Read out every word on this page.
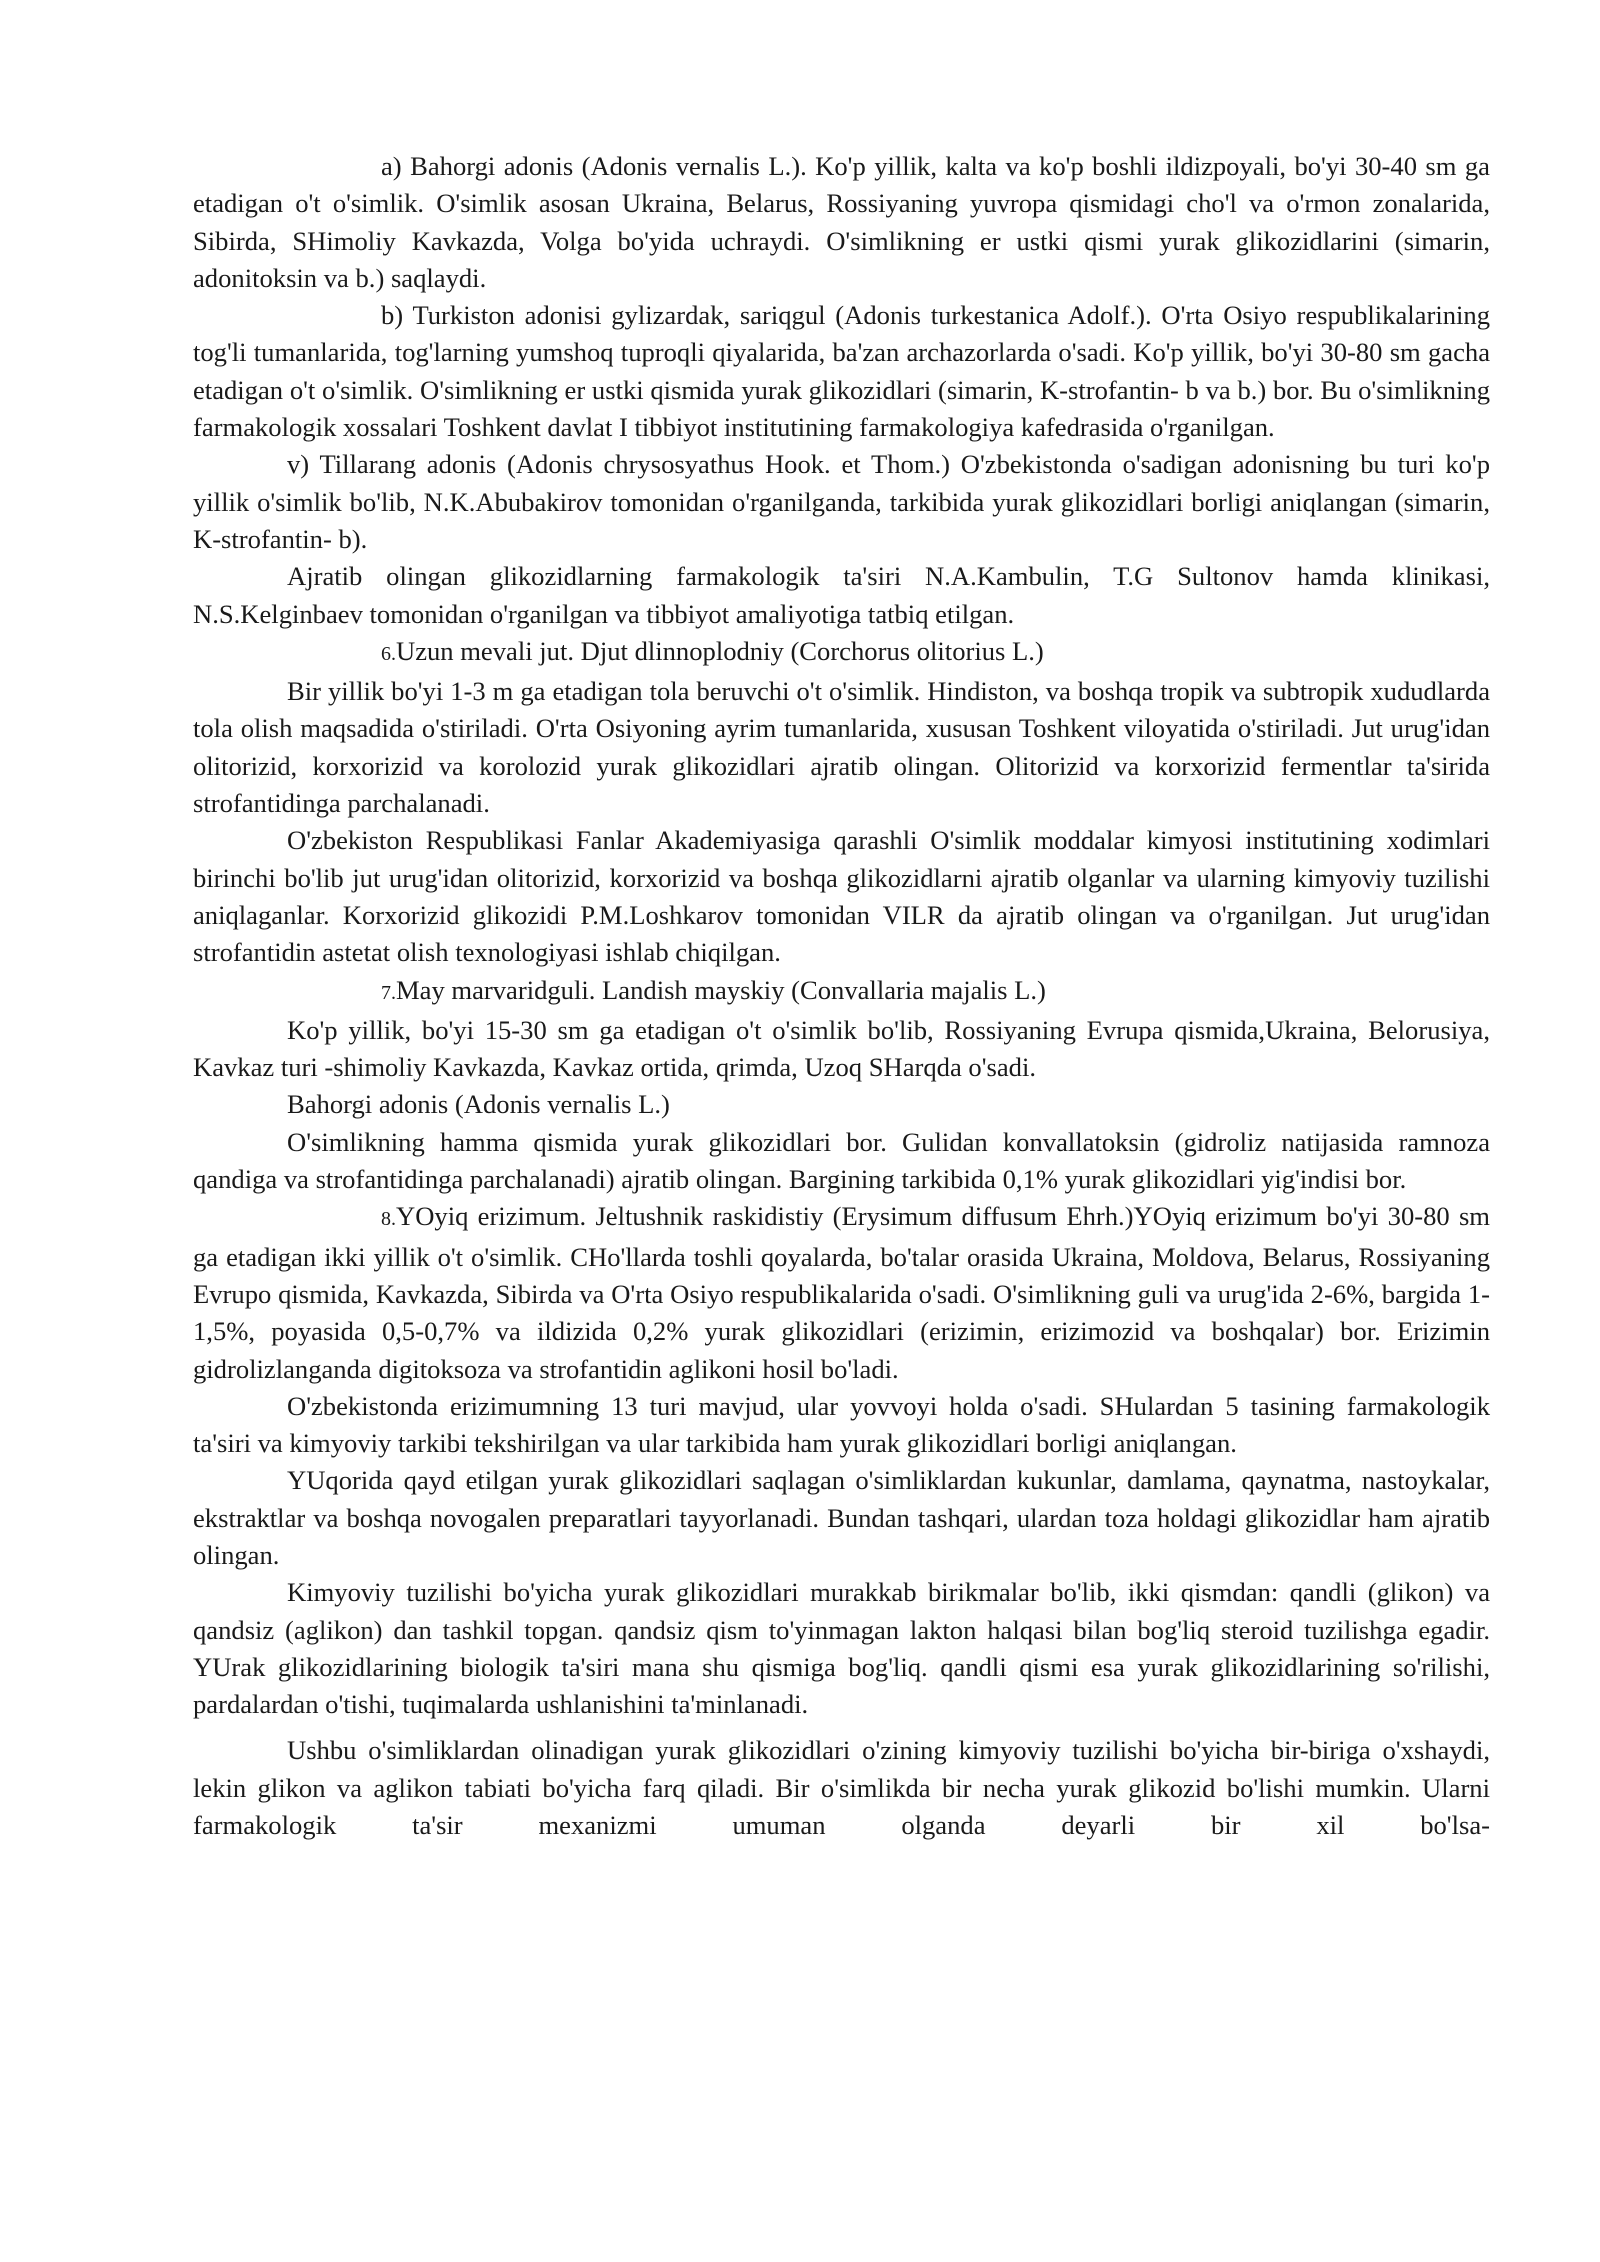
a) Bahorgi adonis (Adonis vernalis L.). Ko'p yillik, kalta va ko'p boshli ildizpoyali, bo'yi 30-40 sm ga etadigan o't o'simlik. O'simlik asosan Ukraina, Belarus, Rossiyaning yuvropa qismidagi cho'l va o'rmon zonalarida, Sibirda, SHimoliy Kavkazda, Volga bo'yida uchraydi. O'simlikning er ustki qismi yurak glikozidlarini (simarin, adonitoksin va b.) saqlaydi.

b) Turkiston adonisi gylizardak, sariqgul (Adonis turkestanica Adolf.). O'rta Osiyo respublikalarining tog'li tumanlarida, tog'larning yumshoq tuproqli qiyalarida, ba'zan archazorlarda o'sadi. Ko'p yillik, bo'yi 30-80 sm gacha etadigan o't o'simlik. O'simlikning er ustki qismida yurak glikozidlari (simarin, K-strofantin- b va b.) bor. Bu o'simlikning farmakologik xossalari Toshkent davlat I tibbiyot institutining farmakologiya kafedrasida o'rganilgan.

v) Tillarang adonis (Adonis chrysosyathus Hook. et Thom.) O'zbekistonda o'sadigan adonisning bu turi ko'p yillik o'simlik bo'lib, N.K.Abubakirov tomonidan o'rganilganda, tarkibida yurak glikozidlari borligi aniqlangan (simarin, K-strofantin- b).

Ajratib olingan glikozidlarning farmakologik ta'siri N.A.Kambulin, T.G Sultonov hamda klinikasi, N.S.Kelginbaev tomonidan o'rganilgan va tibbiyot amaliyotiga tatbiq etilgan.

6.Uzun mevali jut. Djut dlinnoplodniy (Corchorus olitorius L.)

Bir yillik bo'yi 1-3 m ga etadigan tola beruvchi o't o'simlik. Hindiston, va boshqa tropik va subtropik xududlarda tola olish maqsadida o'stiriladi. O'rta Osiyoning ayrim tumanlarida, xususan Toshkent viloyatida o'stiriladi. Jut urug'idan olitorizid, korxorizid va korolozid yurak glikozidlari ajratib olingan. Olitorizid va korxorizid fermentlar ta'sirida strofantidinga parchalanadi.

O'zbekiston Respublikasi Fanlar Akademiyasiga qarashli O'simlik moddalar kimyosi institutining xodimlari birinchi bo'lib jut urug'idan olitorizid, korxorizid va boshqa glikozidlarni ajratib olganlar va ularning kimyoviy tuzilishi aniqlaganlar. Korxorizid glikozidi P.M.Loshkarov tomonidan VILR da ajratib olingan va o'rganilgan. Jut urug'idan strofantidin astetat olish texnologiyasi ishlab chiqilgan.

7.May marvaridguli. Landish mayskiy (Convallaria majalis L.)

Ko'p yillik, bo'yi 15-30 sm ga etadigan o't o'simlik bo'lib, Rossiyaning Evrupa qismida,Ukraina, Belorusiya, Kavkaz turi -shimoliy Kavkazda, Kavkaz ortida, qrimda, Uzoq SHarqda o'sadi.

Bahorgi adonis (Adonis vernalis L.)

O'simlikning hamma qismida yurak glikozidlari bor. Gulidan konvallatoksin (gidroliz natijasida ramnoza qandiga va strofantidinga parchalanadi) ajratib olingan. Bargining tarkibida 0,1% yurak glikozidlari yig'indisi bor.

8.YOyiq erizimum. Jeltushnik raskidistiy (Erysimum diffusum Ehrh.)YOyiq erizimum bo'yi 30-80 sm ga etadigan ikki yillik o't o'simlik. CHo'llarda toshli qoyalarda, bo'talar orasida Ukraina, Moldova, Belarus, Rossiyaning Evrupo qismida, Kavkazda, Sibirda va O'rta Osiyo respublikalarida o'sadi. O'simlikning guli va urug'ida 2-6%, bargida 1-1,5%, poyasida 0,5-0,7% va ildizida 0,2% yurak glikozidlari (erizimin, erizimozid va boshqalar) bor. Erizimin gidrolizlanganda digitoksoza va strofantidin aglikoni hosil bo'ladi.

O'zbekistonda erizimumning 13 turi mavjud, ular yovvoyi holda o'sadi. SHulardan 5 tasining farmakologik ta'siri va kimyoviy tarkibi tekshirilgan va ular tarkibida ham yurak glikozidlari borligi aniqlangan.

YUqorida qayd etilgan yurak glikozidlari saqlagan o'simliklardan kukunlar, damlama, qaynatma, nastoykalar, ekstraktlar va boshqa novogalen preparatlari tayyorlanadi. Bundan tashqari, ulardan toza holdagi glikozidlar ham ajratib olingan.

Kimyoviy tuzilishi bo'yicha yurak glikozidlari murakkab birikmalar bo'lib, ikki qismdan: qandli (glikon) va qandsiz (aglikon) dan tashkil topgan. qandsiz qism to'yinmagan lakton halqasi bilan bog'liq steroid tuzilishga egadir. YUrak glikozidlarining biologik ta'siri mana shu qismiga bog'liq. qandli qismi esa yurak glikozidlarining so'rilishi, pardalardan o'tishi, tuqimalarda ushlanishini ta'minlanadi.

Ushbu o'simliklardan olinadigan yurak glikozidlari o'zining kimyoviy tuzilishi bo'yicha bir-biriga o'xshaydi, lekin glikon va aglikon tabiati bo'yicha farq qiladi. Bir o'simlikda bir necha yurak glikozid bo'lishi mumkin. Ularni farmakologik ta'sir mexanizmi umuman olganda deyarli bir xil bo'lsa-
